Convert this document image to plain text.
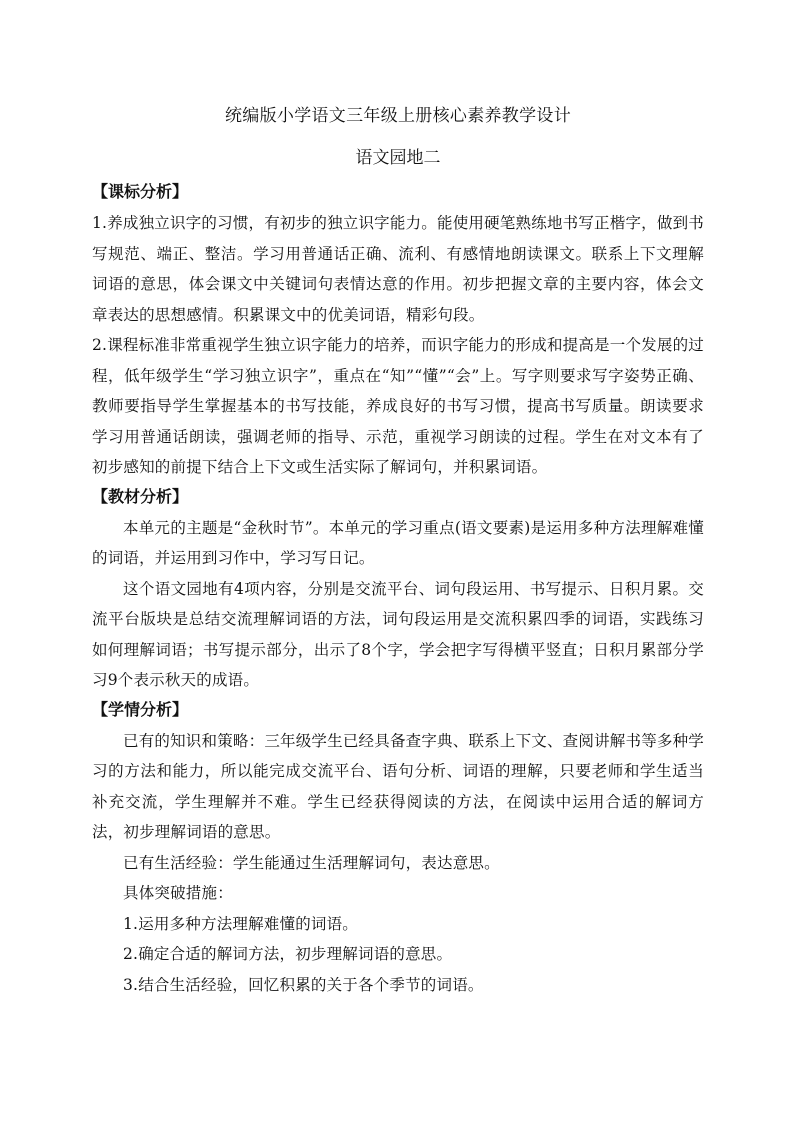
统编版小学语文三年级上册核心素养教学设计

语文园地二

【课标分析】

1.养成独立识字的习惯，有初步的独立识字能力。能使用硬笔熟练地书写正楷字，做到书写规范、端正、整洁。学习用普通话正确、流利、有感情地朗读课文。联系上下文理解词语的意思，体会课文中关键词句表情达意的作用。初步把握文章的主要内容，体会文章表达的思想感情。积累课文中的优美词语，精彩句段。

2.课程标准非常重视学生独立识字能力的培养，而识字能力的形成和提高是一个发展的过程，低年级学生“学习独立识字”，重点在“知”“懂”“会”上。写字则要求写字姿势正确、教师要指导学生掌握基本的书写技能，养成良好的书写习惯，提高书写质量。朗读要求学习用普通话朗读，强调老师的指导、示范，重视学习朗读的过程。学生在对文本有了初步感知的前提下结合上下文或生活实际了解词句，并积累词语。

【教材分析】

本单元的主题是“金秋时节”。本单元的学习重点(语文要素)是运用多种方法理解难懂的词语，并运用到习作中，学习写日记。

这个语文园地有4项内容，分别是交流平台、词句段运用、书写提示、日积月累。交流平台版块是总结交流理解词语的方法，词句段运用是交流积累四季的词语，实践练习如何理解词语；书写提示部分，出示了8个字，学会把字写得横平竖直；日积月累部分学习9个表示秋天的成语。

【学情分析】

已有的知识和策略：三年级学生已经具备查字典、联系上下文、查阅讲解书等多种学习的方法和能力，所以能完成交流平台、语句分析、词语的理解，只要老师和学生适当补充交流，学生理解并不难。学生已经获得阅读的方法，在阅读中运用合适的解词方法，初步理解词语的意思。

已有生活经验：学生能通过生活理解词句，表达意思。

具体突破措施：

1.运用多种方法理解难懂的词语。

2.确定合适的解词方法，初步理解词语的意思。

3.结合生活经验，回忆积累的关于各个季节的词语。
